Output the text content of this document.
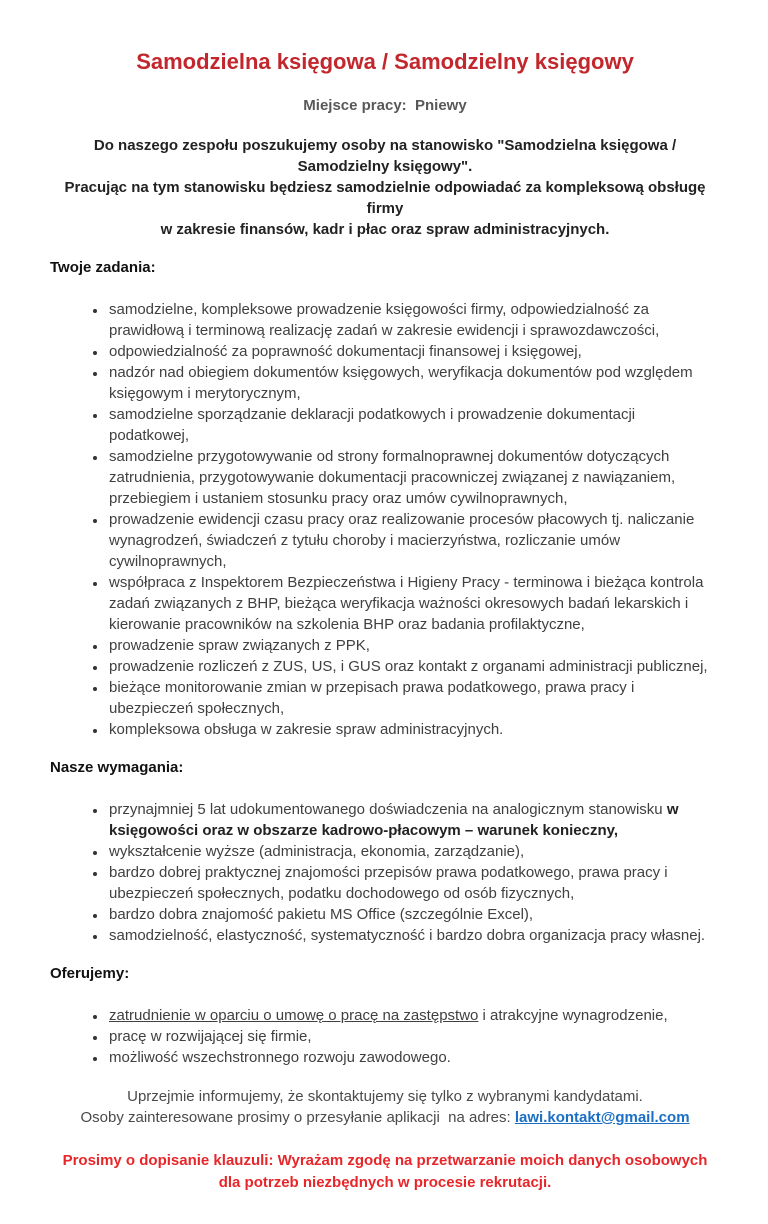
Samodzielna księgowa / Samodzielny księgowy
Miejsce pracy:  Pniewy
Do naszego zespołu poszukujemy osoby na stanowisko "Samodzielna księgowa / Samodzielny księgowy".
Pracując na tym stanowisku będziesz samodzielnie odpowiadać za kompleksową obsługę firmy
w zakresie finansów, kadr i płac oraz spraw administracyjnych.
Twoje zadania:
• samodzielne, kompleksowe prowadzenie księgowości firmy, odpowiedzialność za prawidłową i terminową realizację zadań w zakresie ewidencji i sprawozdawczości,
• odpowiedzialność za poprawność dokumentacji finansowej i księgowej,
• nadzór nad obiegiem dokumentów księgowych, weryfikacja dokumentów pod względem księgowym i merytorycznym,
• samodzielne sporządzanie deklaracji podatkowych i prowadzenie dokumentacji podatkowej,
• samodzielne przygotowywanie od strony formalnoprawnej dokumentów dotyczących zatrudnienia, przygotowywanie dokumentacji pracowniczej związanej z nawiązaniem, przebiegiem i ustaniem stosunku pracy oraz umów cywilnoprawnych,
• prowadzenie ewidencji czasu pracy oraz realizowanie procesów płacowych tj. naliczanie wynagrodzeń, świadczeń z tytułu choroby i macierzyństwa, rozliczanie umów cywilnoprawnych,
• współpraca z Inspektorem Bezpieczeństwa i Higieny Pracy - terminowa i bieżąca kontrola zadań związanych z BHP, bieżąca weryfikacja ważności okresowych badań lekarskich i kierowanie pracowników na szkolenia BHP oraz badania profilaktyczne,
• prowadzenie spraw związanych z PPK,
• prowadzenie rozliczeń z ZUS, US, i GUS oraz kontakt z organami administracji publicznej,
• bieżące monitorowanie zmian w przepisach prawa podatkowego, prawa pracy i ubezpieczeń społecznych,
• kompleksowa obsługa w zakresie spraw administracyjnych.
Nasze wymagania:
• przynajmniej 5 lat udokumentowanego doświadczenia na analogicznym stanowisku w księgowości oraz w obszarze kadrowo-płacowym – warunek konieczny,
• wykształcenie wyższe (administracja, ekonomia, zarządzanie),
• bardzo dobrej praktycznej znajomości przepisów prawa podatkowego, prawa pracy i ubezpieczeń społecznych, podatku dochodowego od osób fizycznych,
• bardzo dobra znajomość pakietu MS Office (szczególnie Excel),
• samodzielność, elastyczność, systematyczność i bardzo dobra organizacja pracy własnej.
Oferujemy:
• zatrudnienie w oparciu o umowę o pracę na zastępstwo i atrakcyjne wynagrodzenie,
• pracę w rozwijającej się firmie,
• możliwość wszechstronnego rozwoju zawodowego.

Uprzejmie informujemy, że skontaktujemy się tylko z wybranymi kandydatami.

Osoby zainteresowane prosimy o przesyłanie aplikacji  na adres: lawi.kontakt@gmail.com

Prosimy o dopisanie klauzuli: Wyrażam zgodę na przetwarzanie moich danych osobowych dla potrzeb niezbędnych w procesie rekrutacji.
